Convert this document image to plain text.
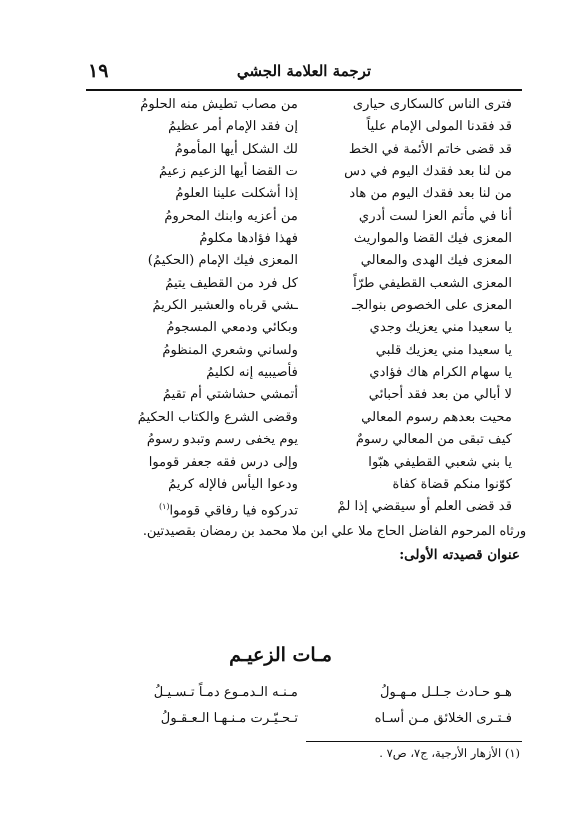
ترجمة العلامة الجشي
١٩
فترى الناس كالسكارى حيارى
من مصاب تطيش منه الحلومُ
قد فقدنا المولى الإمام علياً
إن فقد الإمام أمر عظيمُ
قد قضى خاتم الأئمة في الخط
لك الشكل أيها المأمومُ
من لنا بعد فقدك اليوم في دس
ت القضا أيها الزعيم زعيمُ
من لنا بعد فقدك اليوم من هاد
إذا أشكلت علينا العلومُ
أنا في مأتم العزا لست أدري
من أعزيه وابنك المحرومُ
المعزى فيك القضا والمواريث
فهذا فؤادها مكلومُ
المعزى فيك الهدى والمعالي
المعزى فيك الإمام (الحكيمُ)
المعزى الشعب القطيفي طرّاً
كل فرد من القطيف يتيمُ
المعزى على الخصوص بنوالجـ
ـشي قرباه والعشير الكريمُ
يا سعيدا مني يعزيك وجدي
وبكائي ودمعي المسجومُ
يا سعيدا مني يعزيك قلبي
ولساني وشعري المنظومُ
يا سهام الكرام هاك فؤادي
فأصيبيه إنه لكليمُ
لا أبالي من بعد فقد أحبائي
أتمشي حشاشتي أم تقيمُ
محيت بعدهم رسوم المعالي
وقضى الشرع والكتاب الحكيمُ
كيف تبقى من المعالي رسومٌ
يوم يخفى رسم وتبدو رسومُ
يا بني شعبي القطيفي هبّوا
وإلى درس فقه جعفر قوموا
كوّنوا منكم قضاة كفاة
ودعوا اليأس فالإله كريمُ
قد قضى العلم أو سيقضي إذا لمْ
تدركوه فيا رفاقي قوموا$^{(١)}$
ورثاه المرحوم الفاضل الحاج ملا علي ابن ملا محمد بن رمضان بقصيدتين.
عنوان قصيدته الأولى:
مـات الزعيـم
هـو حـادث جـلـل مـهـولُ
مـنـه الـدمـوع دمـاً تـسـيـلُ
فـتـرى الخلائق مـن أسـاه
تـحـيّـرت مـنـهـا الـعـقـولُ
(١) الأزهار الأرجية، ج٧، ص٧ .
